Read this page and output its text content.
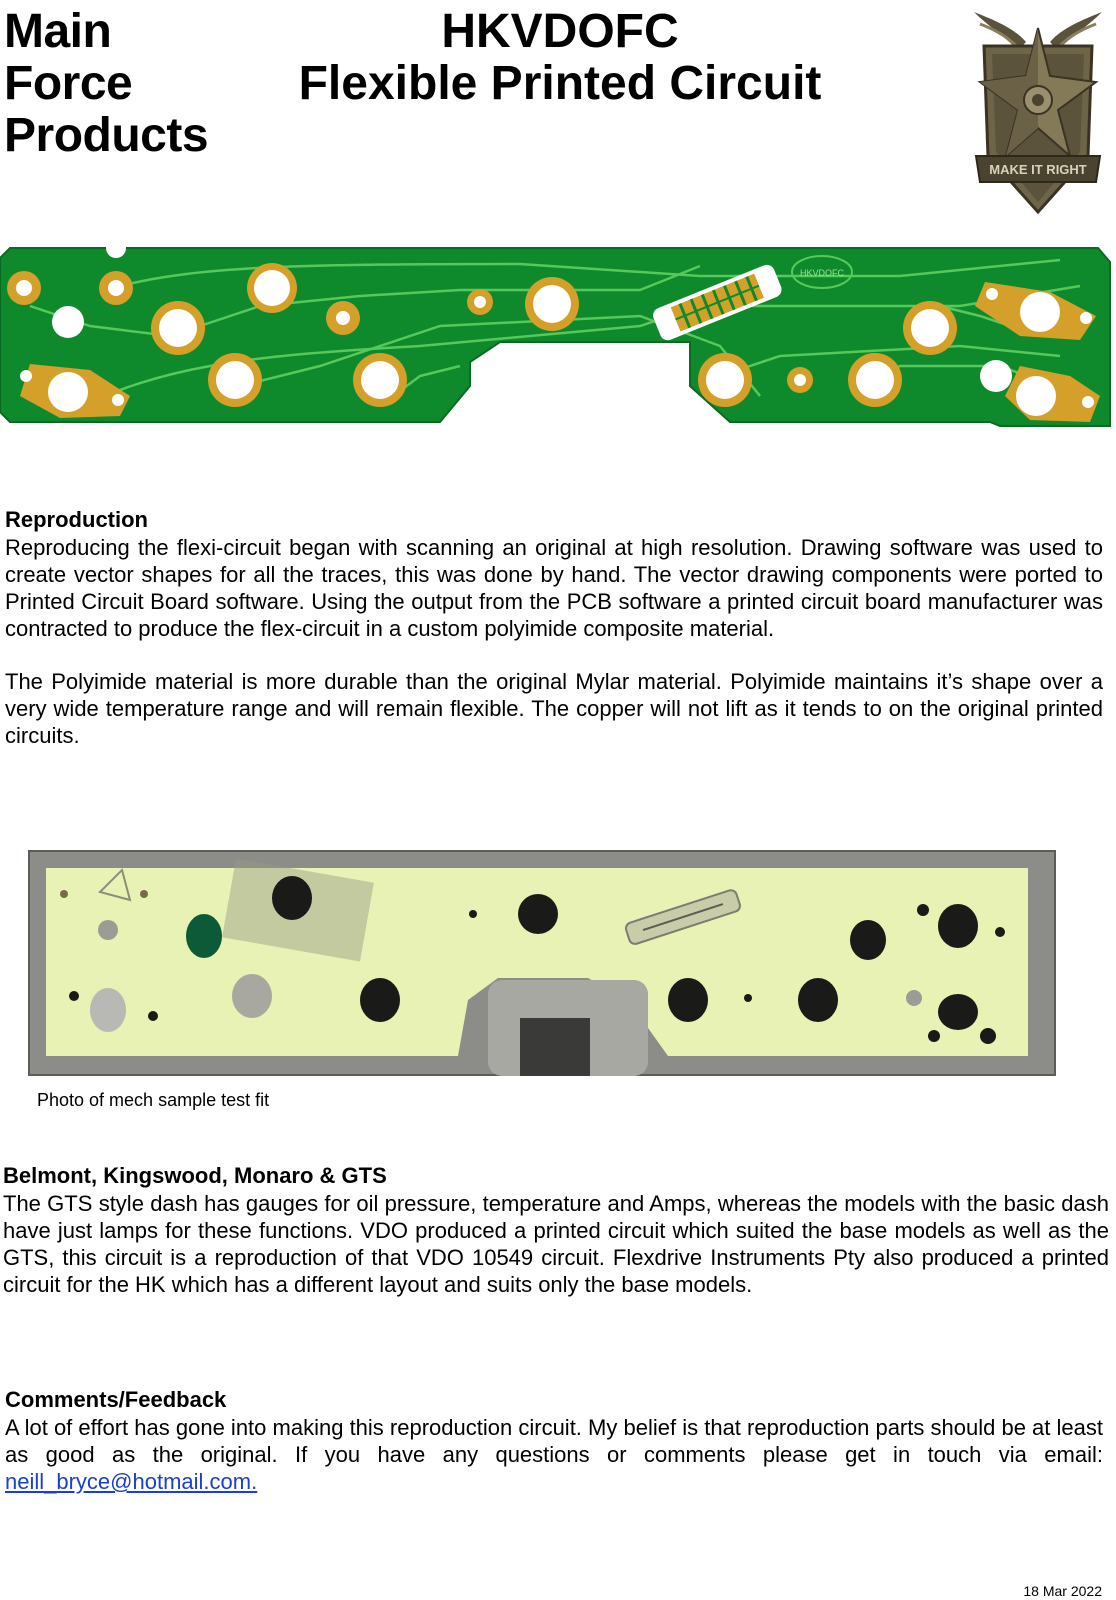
Main
Force
Products
HKVDOFC
Flexible Printed Circuit
MAKE IT RIGHT
HKVDOFC
Reproduction
Reproducing the flexi-circuit began with scanning an original at high resolution. Drawing software was used to create vector shapes for all the traces, this was done by hand. The vector drawing components were ported to Printed Circuit Board software. Using the output from the PCB software a printed circuit board manufacturer was contracted to produce the flex-circuit in a custom polyimide composite material.
The Polyimide material is more durable than the original Mylar material. Polyimide maintains it’s shape over a very wide temperature range and will remain flexible. The copper will not lift as it tends to on the original printed circuits.
Photo of mech sample test fit
Belmont, Kingswood, Monaro & GTS
The GTS style dash has gauges for oil pressure, temperature and Amps, whereas the models with the basic dash have just lamps for these functions. VDO produced a printed circuit which suited the base models as well as the GTS, this circuit is a reproduction of that VDO 10549 circuit. Flexdrive Instruments Pty also produced a printed circuit for the HK which has a different layout and suits only the base models.
Comments/Feedback
A lot of effort has gone into making this reproduction circuit. My belief is that reproduction parts should be at least as good as the original. If you have any questions or comments please get in touch via email: neill_bryce@hotmail.com.
18 Mar 2022
